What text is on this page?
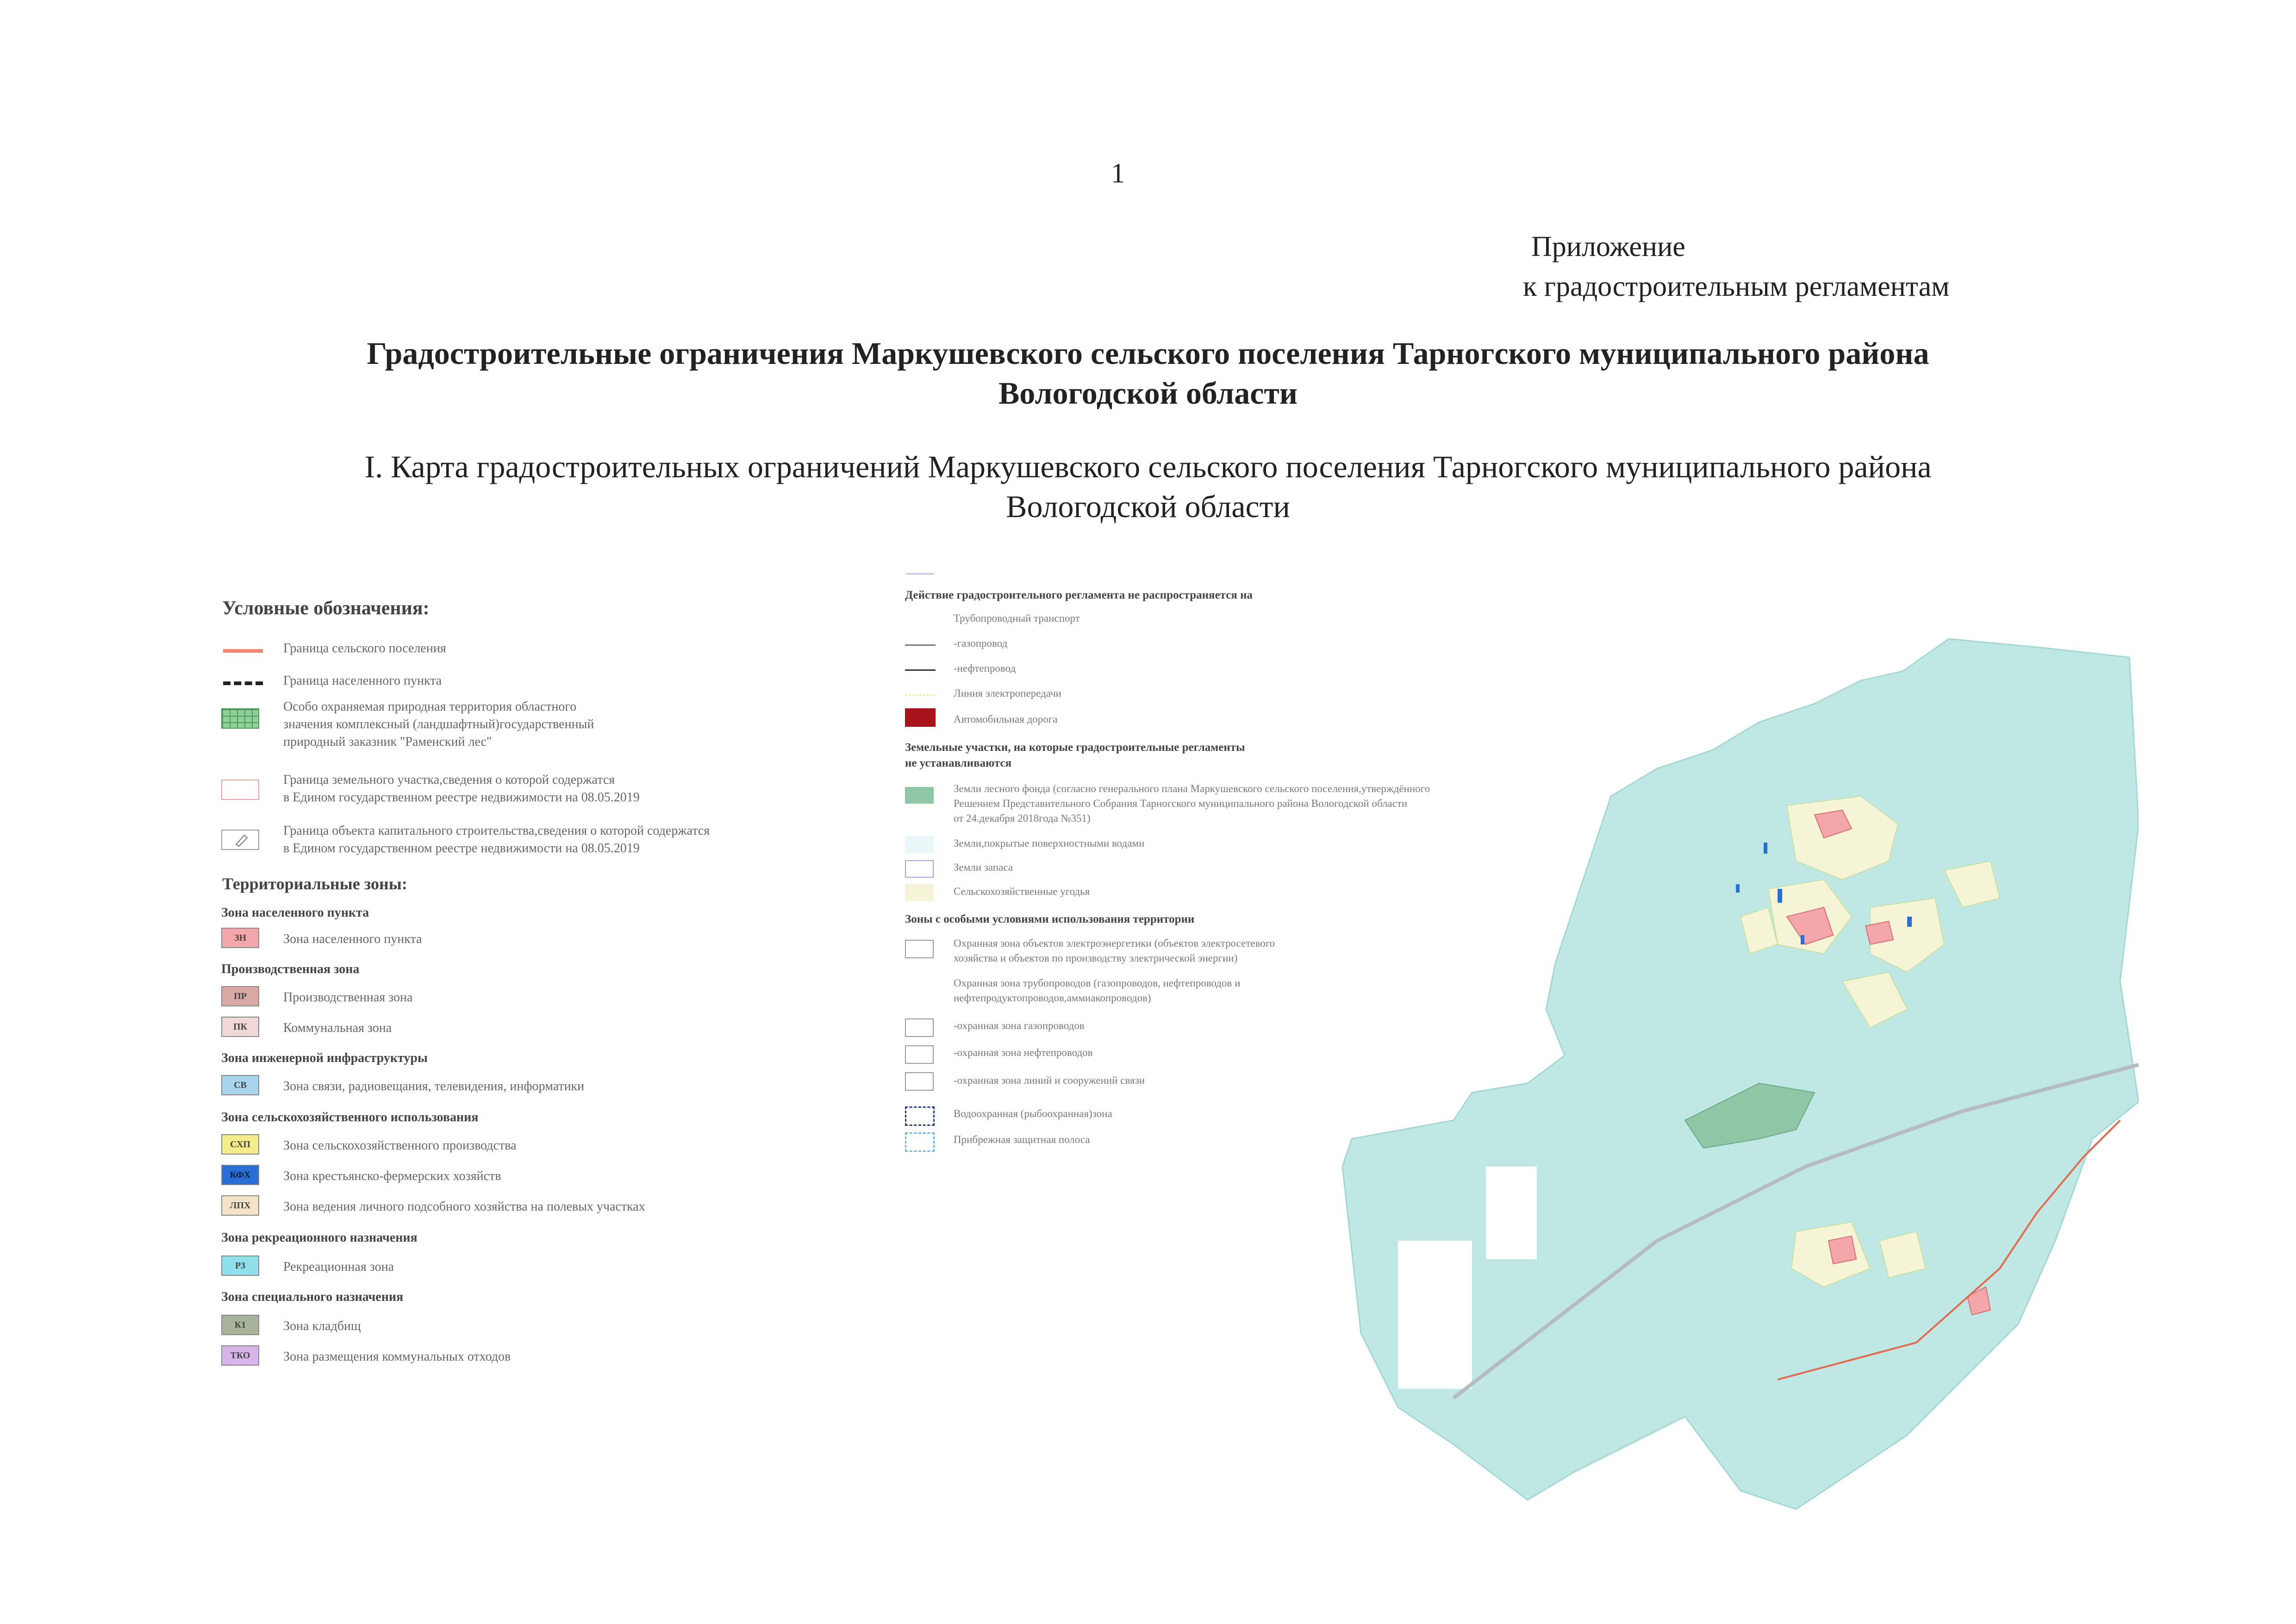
1
Приложение
к градостроительным регламентам
Градостроительные ограничения Маркушевского сельского поселения Тарногского муниципального района
Вологодской области
I. Карта градостроительных ограничений Маркушевского сельского поселения Тарногского муниципального района
Вологодской области
Условные обозначения:
Граница сельского поселения
Граница населенного пункта
Особо охраняемая природная территория областного
значения комплексный (ландшафтный)государственный
природный заказник "Раменский лес"
Граница земельного участка,сведения о которой содержатся
в Едином государственном реестре недвижимости на 08.05.2019
Граница объекта капитального строительства,сведения о которой содержатся
в Едином государственном реестре недвижимости на 08.05.2019
Территориальные зоны:
Зона населенного пункта
ЗН	Зона населенного пункта
Производственная зона
ПР	Производственная зона
ПК	Коммунальная зона
Зона инженерной инфраструктуры
СВ	Зона связи, радиовещания, телевидения, информатики
Зона сельскохозяйственного использования
СХП	Зона сельскохозяйственного производства
КФХ	Зона крестьянско-фермерских хозяйств
ЛПХ	Зона ведения личного подсобного хозяйства на полевых участках
Зона рекреационного назначения
Р3	Рекреационная зона
Зона специального назначения
К1	Зона кладбищ
ТКО	Зона размещения коммунальных отходов
Действие градостроительного регламента не распространяется на
Трубопроводный транспорт
-газопровод
-нефтепровод
Линия электропередачи
Автомобильная дорога
Земельные участки, на которые градостроительные регламенты
не устанавливаются
Земли лесного фонда (согласно генерального плана Маркушевского сельского поселения,утверждённого
Решением Представительного Собрания Тарногского муниципального района Вологодской области
от 24.декабря 2018года №351)
Земли,покрытые поверхностными водами
Земли запаса
Сельскохозяйственные угодья
Зоны с особыми условиями использования территории
Охранная зона объектов электроэнергетики (объектов электросетевого
хозяйства и объектов по производству электрической энергии)
Охранная зона трубопроводов (газопроводов, нефтепроводов и
нефтепродуктопроводов,аммиакопроводов)
-охранная зона газопроводов
-охранная зона нефтепроводов
-охранная зона линий и сооружений связи
Водоохранная (рыбоохранная)зона
Прибрежная защитная полоса
